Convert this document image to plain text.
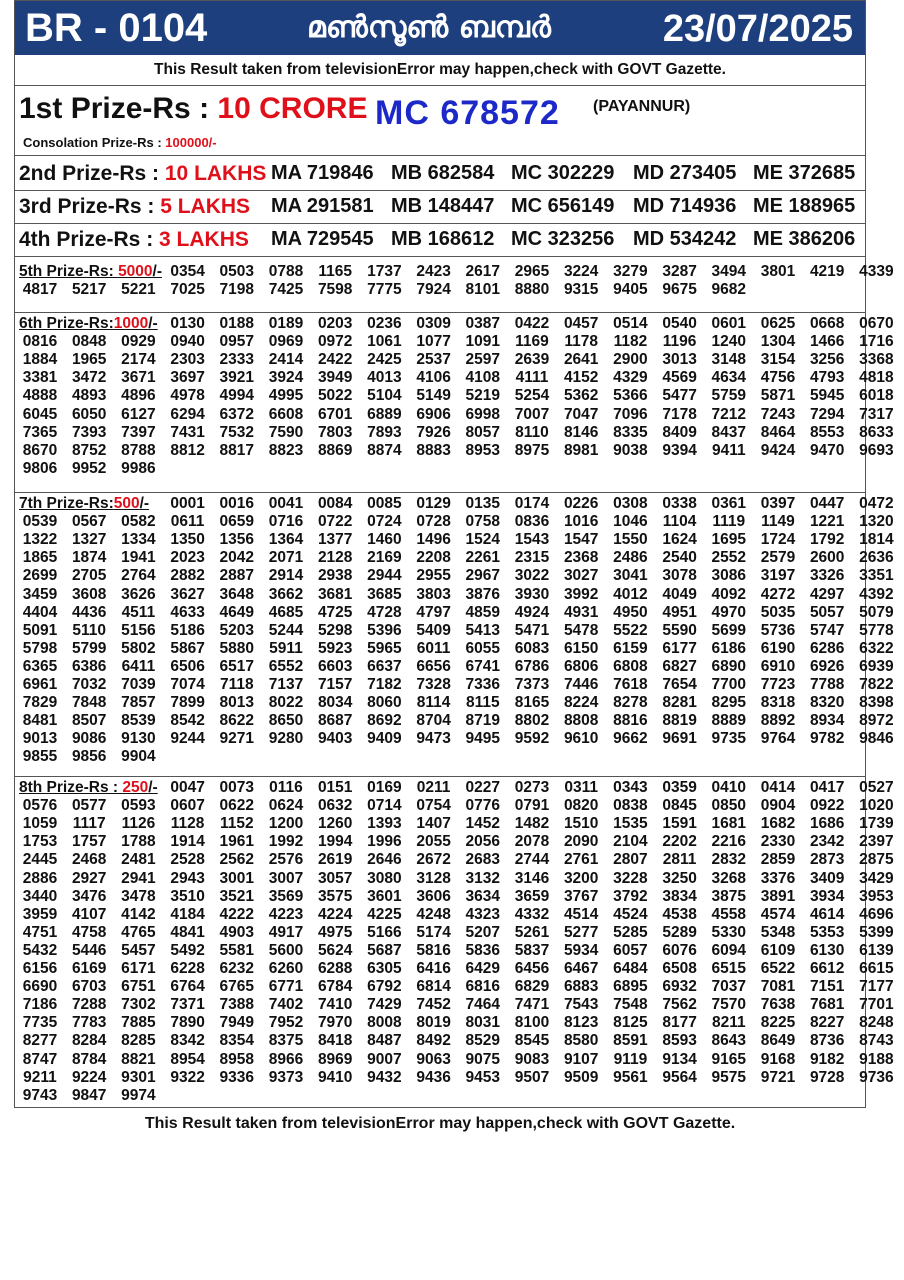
BR - 0104	മൺസൂൺ ബമ്പർ	23/07/2025
This Result taken from televisionError may happen,check with GOVT Gazette.
1st Prize-Rs : 10 CRORE MC 678572 (PAYANNUR)
Consolation Prize-Rs : 100000/-
2nd Prize-Rs : 10 LAKHS MA 719846 MB 682584 MC 302229 MD 273405 ME 372685
3rd Prize-Rs : 5 LAKHS MA 291581 MB 148447 MC 656149 MD 714936 ME 188965
4th Prize-Rs : 3 LAKHS MA 729545 MB 168612 MC 323256 MD 534242 ME 386206
5th Prize-Rs: 5000/- 0354 0503 0788 1165 1737 2423 2617 2965 3224 3279 3287 3494 3801 4219 4339
4817 5217 5221 7025 7198 7425 7598 7775 7924 8101 8880 9315 9405 9675 9682
6th Prize-Rs:1000/- 0130 0188 0189 0203 0236 0309 0387 0422 0457 0514 0540 0601 0625 0668 0670
0816 0848 0929 0940 0957 0969 0972 1061 1077 1091 1169	1178	1182	1196 1240 1304 1466 1716
1884 1965 2174 2303 2333 2414 2422 2425 2537 2597 2639 2641 2900 3013 3148 3154 3256 3368
3381 3472 3671 3697 3921 3924 3949 4013 4106 4108	4111	4152 4329 4569 4634 4756 4793 4818
4888 4893 4896 4978 4994 4995 5022 5104 5149 5219 5254 5362 5366 5477 5759 5871 5945 6018
6045 6050 6127 6294 6372 6608 6701 6889 6906 6998 7007 7047 7096 7178 7212 7243 7294 7317
7365 7393 7397 7431 7532 7590 7803 7893 7926 8057 8110 8146 8335 8409 8437 8464 8553 8633
8670 8752 8788 8812 8817 8823 8869 8874 8883 8953 8975 8981 9038 9394 9411 9424 9470 9693
9806 9952 9986
7th Prize-Rs:500/-	0001 0016 0041 0084 0085 0129 0135 0174 0226 0308 0338 0361 0397 0447 0472
0539 0567 0582 0611 0659 0716 0722 0724 0728 0758 0836 1016 1046 1104	1119	1149 1221 1320
1322 1327 1334 1350 1356 1364 1377 1460 1496 1524 1543 1547 1550 1624 1695 1724 1792 1814
1865 1874 1941 2023 2042 2071 2128 2169 2208 2261 2315 2368 2486 2540 2552 2579 2600 2636
2699 2705 2764 2882 2887 2914 2938 2944 2955 2967 3022 3027 3041 3078 3086 3197 3326 3351
3459 3608 3626 3627 3648 3662 3681 3685 3803 3876 3930 3992 4012 4049 4092 4272 4297 4392
4404 4436 4511 4633 4649 4685 4725 4728 4797 4859 4924 4931 4950 4951 4970 5035 5057 5079
5091 5110 5156 5186 5203 5244 5298 5396 5409 5413 5471 5478 5522 5590 5699 5736 5747 5778
5798 5799 5802 5867 5880 5911 5923 5965 6011 6055 6083 6150 6159 6177 6186 6190 6286 6322
6365 6386 6411 6506 6517 6552 6603 6637 6656 6741 6786 6806 6808 6827 6890 6910 6926 6939
6961 7032 7039 7074 7118 7137 7157 7182 7328 7336 7373 7446 7618 7654 7700 7723 7788 7822
7829 7848 7857 7899 8013 8022 8034 8060 8114	8115 8165 8224 8278 8281 8295 8318 8320 8398
8481 8507 8539 8542 8622 8650 8687 8692 8704 8719 8802 8808 8816 8819 8889 8892 8934 8972
9013 9086 9130 9244 9271 9280 9403 9409 9473 9495 9592 9610 9662 9691 9735 9764 9782 9846
9855 9856 9904
8th Prize-Rs : 250/- 0047 0073 0116 0151 0169 0211 0227 0273 0311 0343 0359 0410 0414 0417 0527
0576 0577 0593 0607 0622 0624 0632 0714 0754 0776 0791 0820 0838 0845 0850 0904 0922 1020
1059	1117	1126	1128	1152 1200 1260 1393 1407 1452 1482 1510 1535 1591 1681 1682 1686 1739
1753 1757 1788 1914 1961 1992 1994 1996 2055 2056 2078 2090 2104 2202 2216 2330 2342 2397
2445 2468 2481 2528 2562 2576 2619 2646 2672 2683 2744 2761 2807 2811 2832 2859 2873 2875
2886 2927 2941 2943 3001 3007 3057 3080 3128 3132 3146 3200 3228 3250 3268 3376 3409 3429
3440 3476 3478 3510 3521 3569 3575 3601 3606 3634 3659 3767 3792 3834 3875 3891 3934 3953
3959 4107 4142 4184 4222 4223 4224 4225 4248 4323 4332 4514 4524 4538 4558 4574 4614 4696
4751 4758 4765 4841 4903 4917 4975 5166 5174 5207 5261 5277 5285 5289 5330 5348 5353 5399
5432 5446 5457 5492 5581 5600 5624 5687 5816 5836 5837 5934 6057 6076 6094 6109 6130 6139
6156 6169 6171 6228 6232 6260 6288 6305 6416 6429 6456 6467 6484 6508 6515 6522 6612 6615
6690 6703 6751 6764 6765 6771 6784 6792 6814 6816 6829 6883 6895 6932 7037 7081 7151 7177
7186 7288 7302 7371 7388 7402 7410 7429 7452 7464 7471 7543 7548 7562 7570 7638 7681 7701
7735 7783 7885 7890 7949 7952 7970 8008 8019 8031 8100 8123 8125 8177 8211 8225 8227 8248
8277 8284 8285 8342 8354 8375 8418 8487 8492 8529 8545 8580 8591 8593 8643 8649 8736 8743
8747 8784 8821 8954 8958 8966 8969 9007 9063 9075 9083 9107 9119 9134 9165 9168 9182 9188
9211 9224 9301 9322 9336 9373 9410 9432 9436 9453 9507 9509 9561 9564 9575 9721 9728 9736
9743 9847 9974
This Result taken from televisionError may happen,check with GOVT Gazette.
